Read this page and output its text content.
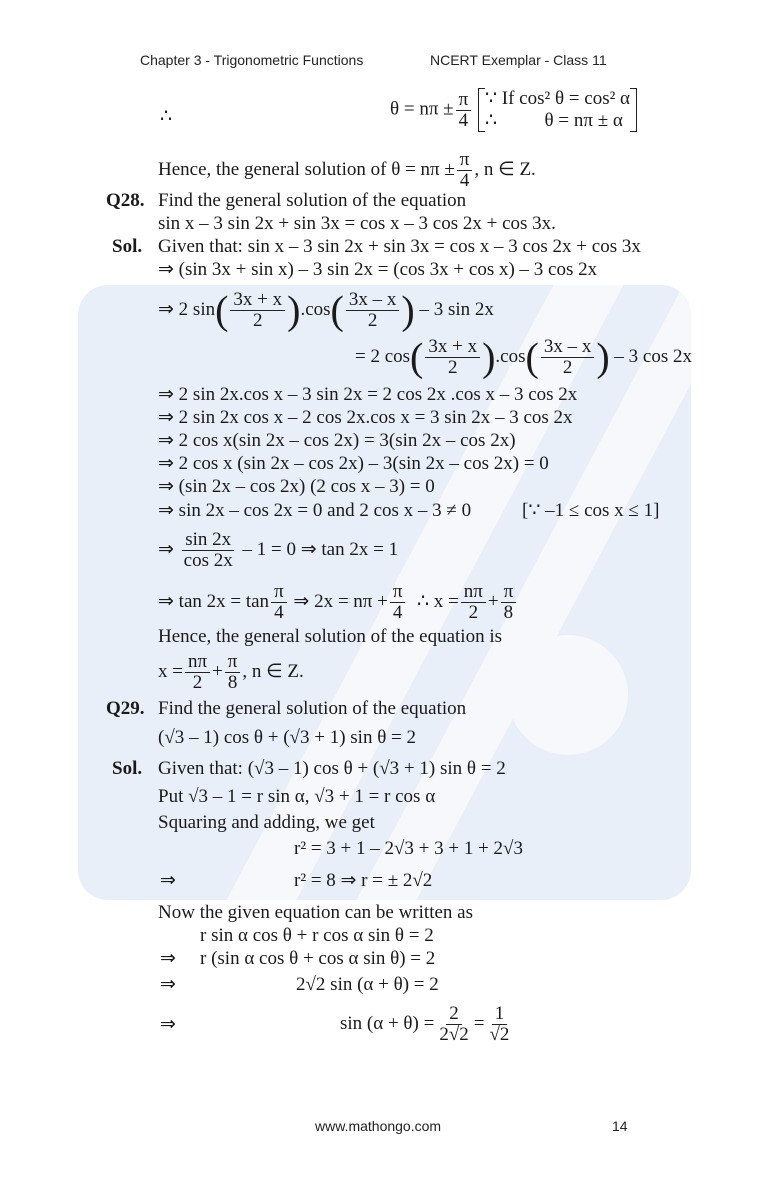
Chapter 3 - Trigonometric Functions	NCERT Exemplar - Class 11
∴	$\theta = n\pi \pm \frac{\pi}{4}$ ∵ If cos² θ = cos² α
∴	θ = nπ ± α
Hence, the general solution of $\theta = n\pi \pm \frac{\pi}{4}$ , n ∈ Z.
Q28. Find the general solution of the equation
sin x – 3 sin 2x + sin 3x = cos x – 3 cos 2x + cos 3x.
Sol. Given that: sin x – 3 sin 2x + sin 3x = cos x – 3 cos 2x + cos 3x
⇒ (sin 3x + sin x) – 3 sin 2x = (cos 3x + cos x) – 3 cos 2x
⇒ 2 $\sin( \frac{3x + x}{2} ).\cos( \frac{3x - x}{2}$ ) – 3 sin 2x
= 2 $\cos( \frac{3x + x}{2} ).\cos( \frac{3x - x}{2}$ ) – 3 cos 2x
⇒ 2 sin 2x.cos x – 3 sin 2x = 2 cos 2x .cos x – 3 cos 2x
⇒ 2 sin 2x cos x – 2 cos 2x.cos x = 3 sin 2x – 3 cos 2x
⇒ 2 cos x(sin 2x – cos 2x) = 3(sin 2x – cos 2x)
⇒ 2 cos x (sin 2x – cos 2x) – 3(sin 2x – cos 2x) = 0
⇒ (sin 2x – cos 2x) (2 cos x – 3) = 0
⇒ sin 2x – cos 2x = 0 and 2 cos x – 3 ≠ 0	[∵ –1 ≤ cos x ≤ 1]
⇒ $\frac{\sin 2x}{\cos 2x} - 1 = 0$ ⇒ tan 2x = 1
⇒ $\tan 2x = \tan \frac{\pi}{4}$ ⇒ $2x = n\pi + \frac{\pi}{4}$ ∴ $x = \frac{n\pi}{2} + \frac{\pi}{8}$
Hence, the general solution of the equation is
$x = \frac{n\pi}{2} + \frac{\pi}{8}$ , n ∈ Z.
Q29. Find the general solution of the equation
(√3 – 1) cos θ + (√3 + 1) sin θ = 2
Sol. Given that: (√3 – 1) cos θ + (√3 + 1) sin θ = 2
Put √3 – 1 = r sin α, √3 + 1 = r cos α
Squaring and adding, we get
r² = 3 + 1 – 2√3 + 3 + 1 + 2√3
⇒	r² = 8 ⇒ r = ± 2√2
Now the given equation can be written as
r sin α cos θ + r cos α sin θ = 2
⇒ r (sin α cos θ + cos α sin θ) = 2
⇒	2√2 sin (α + θ) = 2
⇒	$\sin (\alpha + \theta) = \frac{2}{2√2} = \frac{1}{√2}$
www.mathongo.com	14
